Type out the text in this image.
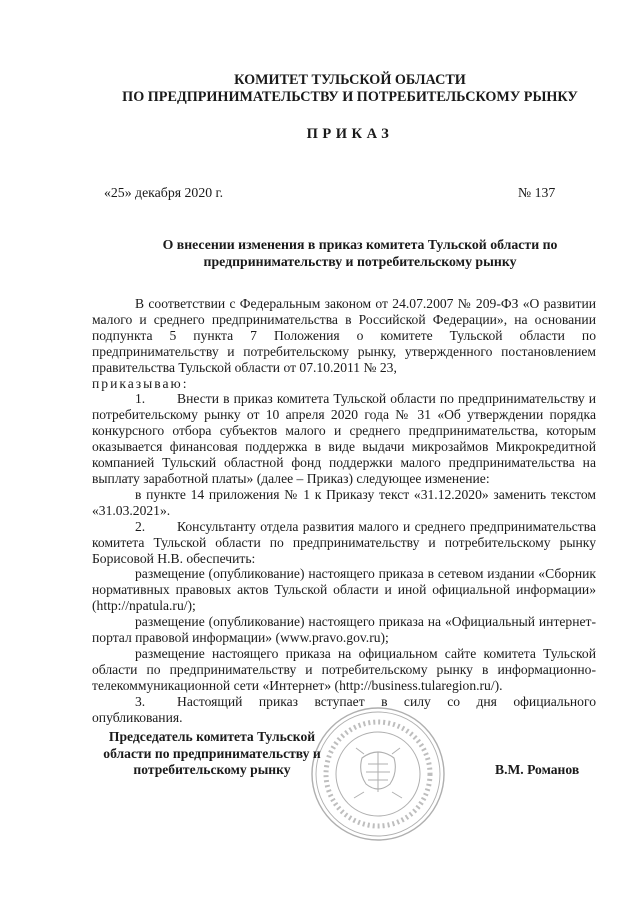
КОМИТЕТ ТУЛЬСКОЙ ОБЛАСТИ
ПО ПРЕДПРИНИМАТЕЛЬСТВУ И ПОТРЕБИТЕЛЬСКОМУ РЫНКУ
ПРИКАЗ
«25» декабря 2020 г.	№ 137
О внесении изменения в приказ комитета Тульской области по
предпринимательству и потребительскому рынку

В соответствии с Федеральным законом от 24.07.2007 № 209-ФЗ «О развитии малого и среднего предпринимательства в Российской Федерации», на основании подпункта 5 пункта 7 Положения о комитете Тульской области по предпринимательству и потребительскому рынку, утвержденного постановлением правительства Тульской области от 07.10.2011 № 23,

приказываю:

1. Внести в приказ комитета Тульской области по предпринимательству и потребительскому рынку от 10 апреля 2020 года № 31 «Об утверждении порядка конкурсного отбора субъектов малого и среднего предпринимательства, которым оказывается финансовая поддержка в виде выдачи микрозаймов Микрокредитной компанией Тульский областной фонд поддержки малого предпринимательства на выплату заработной платы» (далее – Приказ) следующее изменение:

в пункте 14 приложения № 1 к Приказу текст «31.12.2020» заменить текстом «31.03.2021».

2. Консультанту отдела развития малого и среднего предпринимательства комитета Тульской области по предпринимательству и потребительскому рынку Борисовой Н.В. обеспечить:

размещение (опубликование) настоящего приказа в сетевом издании «Сборник нормативных правовых актов Тульской области и иной официальной информации» (http://npatula.ru/);

размещение (опубликование) настоящего приказа на «Официальный интернет-портал правовой информации» (www.pravo.gov.ru);

размещение настоящего приказа на официальном сайте комитета Тульской области по предпринимательству и потребительскому рынку в информационно-телекоммуникационной сети «Интернет» (http://business.tularegion.ru/).

3. Настоящий приказ вступает в силу со дня официального опубликования.

Председатель комитета Тульской
области по предпринимательству и
потребительскому рынку	В.М. Романов
